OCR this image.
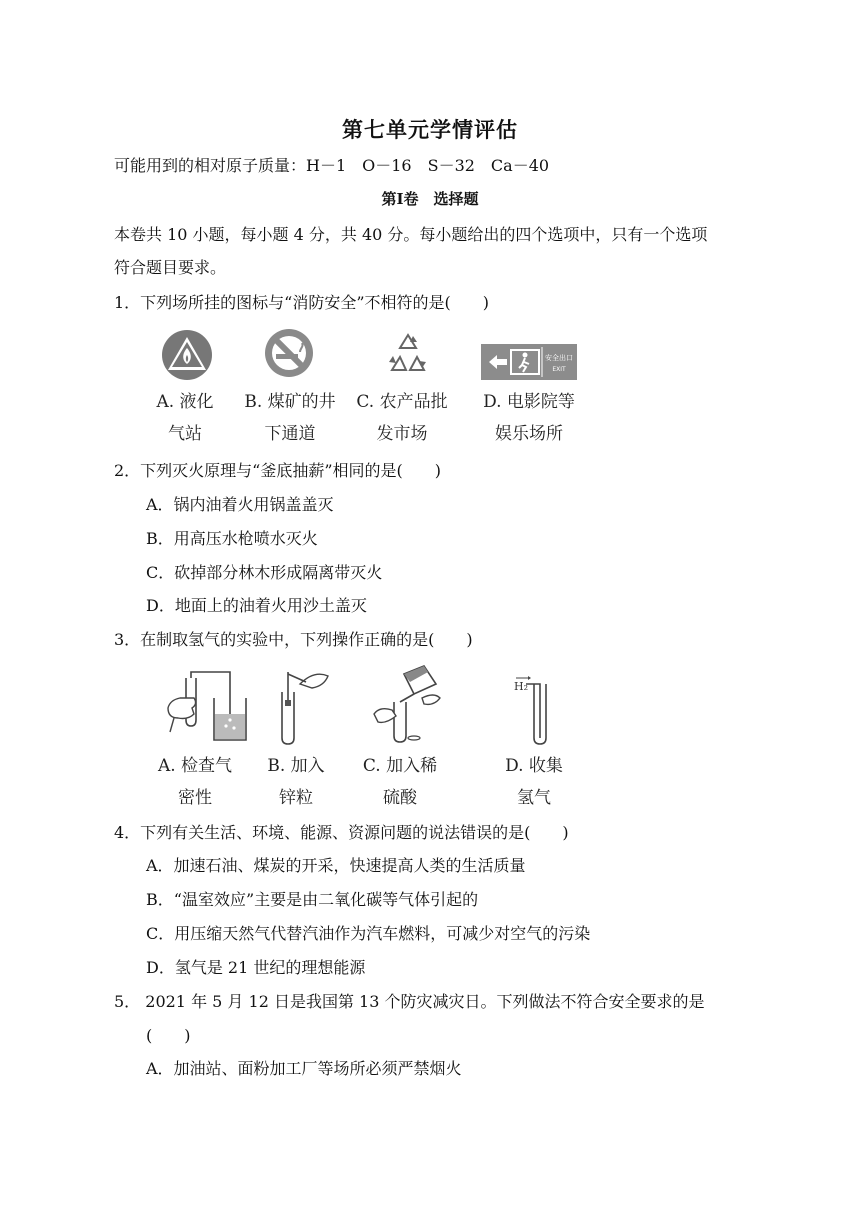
第七单元学情评估
可能用到的相对原子质量：H－1　O－16　S－32　Ca－40
第Ⅰ卷　选择题
本卷共 10 小题，每小题 4 分，共 40 分。每小题给出的四个选项中，只有一个选项
符合题目要求。
1．下列场所挂的图标与“消防安全”不相符的是(　　)
安全出口
EXIT
A. 液化
气站
B. 煤矿的井
下通道
C. 农产品批
发市场
D. 电影院等
娱乐场所
2．下列灭火原理与“釜底抽薪”相同的是(　　)
A．锅内油着火用锅盖盖灭
B．用高压水枪喷水灭火
C．砍掉部分林木形成隔离带灭火
D．地面上的油着火用沙土盖灭
3．在制取氢气的实验中，下列操作正确的是(　　)
H₂
A. 检查气
密性
B. 加入
锌粒
C. 加入稀
硫酸
D. 收集
氢气
4．下列有关生活、环境、能源、资源问题的说法错误的是(　　)
A．加速石油、煤炭的开采，快速提高人类的生活质量
B．“温室效应”主要是由二氧化碳等气体引起的
C．用压缩天然气代替汽油作为汽车燃料，可减少对空气的污染
D．氢气是 21 世纪的理想能源
5． 2021 年 5 月 12 日是我国第 13 个防灾减灾日。下列做法不符合安全要求的是
(　　)
A．加油站、面粉加工厂等场所必须严禁烟火
